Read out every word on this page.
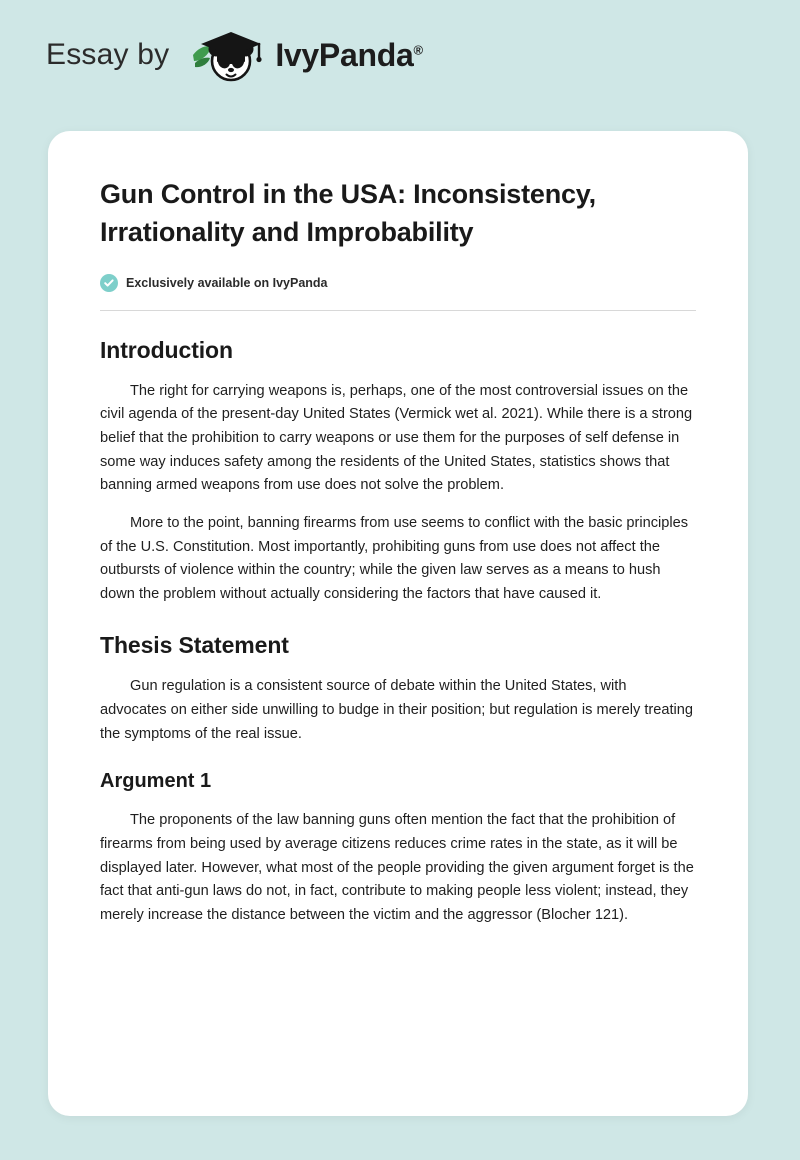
Essay by	IvyPanda®
Gun Control in the USA: Inconsistency, Irrationality and Improbability
Exclusively available on IvyPanda
Introduction

The right for carrying weapons is, perhaps, one of the most controversial issues on the civil agenda of the present-day United States (Vermick wet al. 2021). While there is a strong belief that the prohibition to carry weapons or use them for the purposes of self defense in some way induces safety among the residents of the United States, statistics shows that banning armed weapons from use does not solve the problem.

More to the point, banning firearms from use seems to conflict with the basic principles of the U.S. Constitution. Most importantly, prohibiting guns from use does not affect the outbursts of violence within the country; while the given law serves as a means to hush down the problem without actually considering the factors that have caused it.

Thesis Statement

Gun regulation is a consistent source of debate within the United States, with advocates on either side unwilling to budge in their position; but regulation is merely treating the symptoms of the real issue.

Argument 1

The proponents of the law banning guns often mention the fact that the prohibition of firearms from being used by average citizens reduces crime rates in the state, as it will be displayed later. However, what most of the people providing the given argument forget is the fact that anti-gun laws do not, in fact, contribute to making people less violent; instead, they merely increase the distance between the victim and the aggressor (Blocher 121).
